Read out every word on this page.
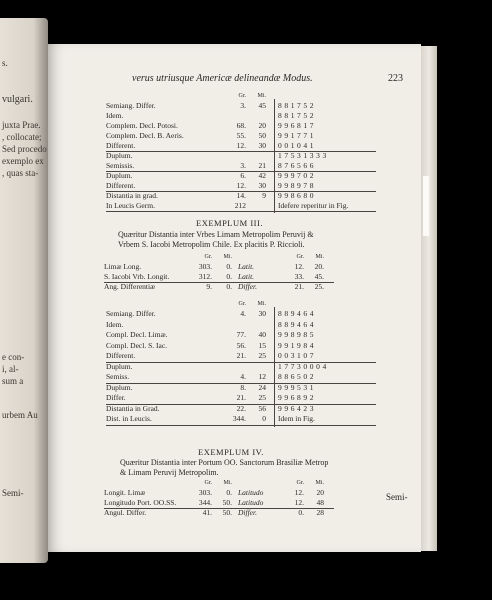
s.
vulgari.
juxta Prae.
, collocate;
Sed procedo
exemplo ex
, quas sta-
e con-
i, al-
sum a
urbem Au
Semi-
verus utriusque Americæ delineandæ Modus.	223
Gr.	Mi.
Semiang. Differ.	3.	45 881752
Idem.	881752
Complem. Decl. Potosi.	68.	20 996817
Complem. Decl. B. Aeris.	55.	50 991771
Different.	12.	30 001041
Duplum.	17531333
Semissis.	3.	21 876566
Duplum.	6.	42 999702
Different.	12.	30 998978
Distantia in grad.	14.	9 998680
In Leucis Germ.	212	Idefere reperitur in Fig.
EXEMPLUM III.
Quæritur Distantia inter Vrbes Limam Metropolim Peruvij &
Vrbem S. Iacobi Metropolim Chile. Ex placitis P. Riccioli.
Gr.	Mi.	Gr.	Mi.
Limæ Long.	303.	0. Latit.	12.	20.
S. Iacobi Vrb. Longit.	312.	0. Latit.	33.	45.
Ang. Differentiæ	9.	0. Differ.	21.	25.
Gr.	Mi.
Semiang. Differ.	4.	30 889464
Idem.	889464
Compl. Decl. Limæ.	77.	40 998985
Compl. Decl. S. Iac.	56.	15 991984
Different.	21.	25 003107
Duplum.	17730004
Semiss.	4.	12 886502
Duplum.	8.	24 999531
Differ.	21.	25 996892
Distantia in Grad.	22.	56 996423
Dist. in Leucis.	344.	0 Idem in Fig.
EXEMPLUM IV.
Quæritur Distantia inter Portum OO. Sanctorum Brasiliæ Metrop
& Limam Peruvij Metropolim.
Gr.	Mi.	Gr.	Mi.
Longit. Limæ	303.	0. Latitudo	12.	20
Longitudo Port. OO.SS.	344.	50. Latitudo	12.	48
Angul. Differ.	41.	50. Differ.	0.	28
Semi-
